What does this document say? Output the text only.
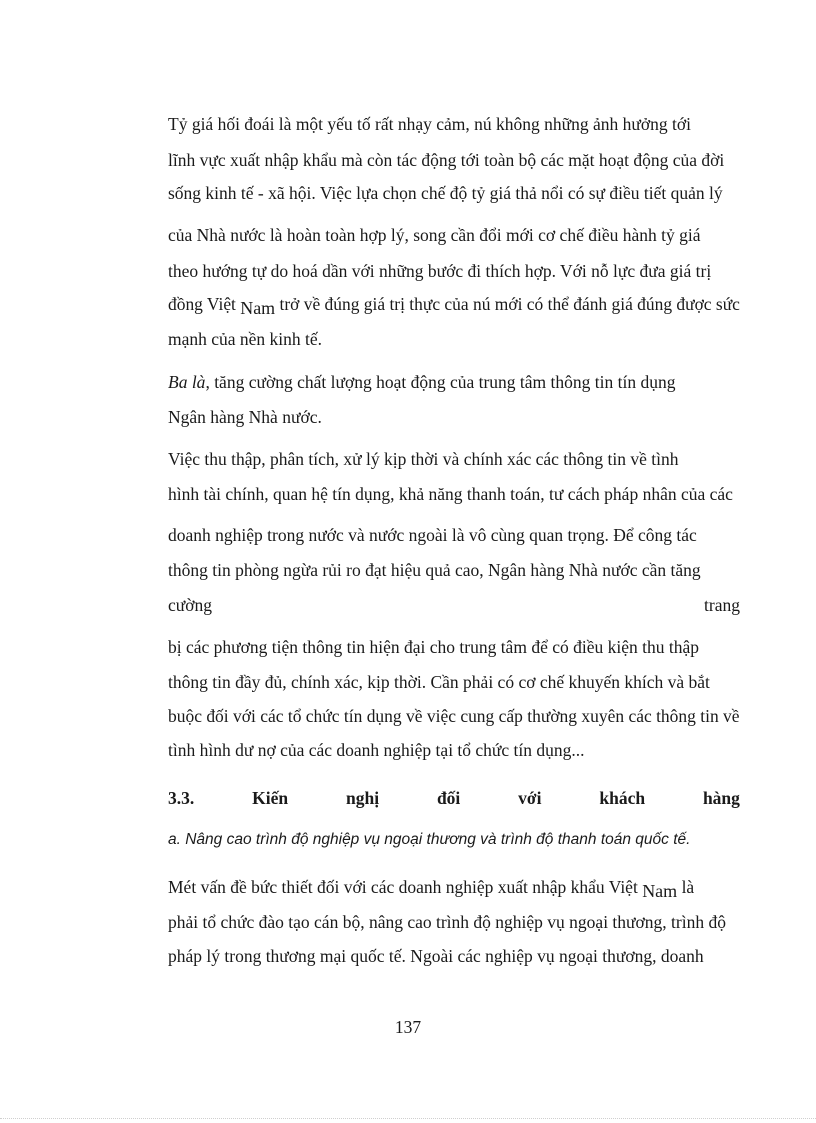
Tỷ giá hối đoái là một yếu tố rất nhạy cảm, nú không những ảnh hưởng tới
lĩnh vực xuất nhập khẩu mà còn tác động tới toàn bộ các mặt hoạt động của đời
sống kinh tế - xã hội. Việc lựa chọn chế độ tỷ giá thả nổi có sự điều tiết quản lý
của Nhà nước là hoàn toàn hợp lý, song cần đổi mới cơ chế điều hành tỷ giá
theo hướng tự do hoá dần với những bước đi thích hợp. Với nỗ lực đưa giá trị
đồng Việt Nam trở về đúng giá trị thực của nú mới có thể đánh giá đúng được sức
mạnh của nền kinh tế.
Ba là, tăng cường chất lượng hoạt động của trung tâm thông tin tín dụng
Ngân hàng Nhà nước.
Việc thu thập, phân tích, xử lý kịp thời và chính xác các thông tin về tình
hình tài chính, quan hệ tín dụng, khả năng thanh toán, tư cách pháp nhân của các
doanh nghiệp trong nước và nước ngoài là vô cùng quan trọng. Để công tác
thông tin phòng ngừa rủi ro đạt hiệu quả cao, Ngân hàng Nhà nước cần tăng
cường	trang
bị các phương tiện thông tin hiện đại cho trung tâm để có điều kiện thu thập
thông tin đầy đủ, chính xác, kịp thời. Cần phải có cơ chế khuyến khích và bắt
buộc đối với các tổ chức tín dụng về việc cung cấp thường xuyên các thông tin về
tình hình dư nợ của các doanh nghiệp tại tổ chức tín dụng...
3.3.	Kiến	nghị	đối	với	khách	hàng
a. Nâng cao trình độ nghiệp vụ ngoại thương và trình độ thanh toán quốc tế.
Mét vấn đề bức thiết đối với các doanh nghiệp xuất nhập khẩu Việt Nam là
phải tổ chức đào tạo cán bộ, nâng cao trình độ nghiệp vụ ngoại thương, trình độ
pháp lý trong thương mại quốc tế. Ngoài các nghiệp vụ ngoại thương, doanh
137
